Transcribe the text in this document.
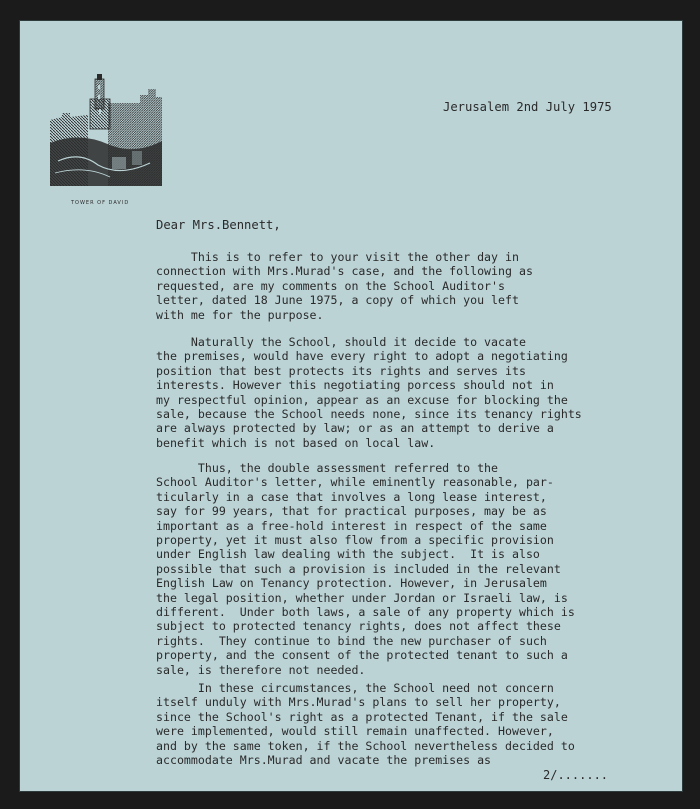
TOWER OF DAVID
Jerusalem 2nd July 1975
Dear Mrs.Bennett,

This is to refer to your visit the other day in
connection with Mrs.Murad's case, and the following as
requested, are my comments on the School Auditor's
letter, dated 18 June 1975, a copy of which you left
with me for the purpose.

Naturally the School, should it decide to vacate
the premises, would have every right to adopt a negotiating
position that best protects its rights and serves its
interests. However this negotiating porcess should not in
my respectful opinion, appear as an excuse for blocking the
sale, because the School needs none, since its tenancy rights
are always protected by law; or as an attempt to derive a
benefit which is not based on local law.

Thus, the double assessment referred to the
School Auditor's letter, while eminently reasonable, par-
ticularly in a case that involves a long lease interest,
say for 99 years, that for practical purposes, may be as
important as a free-hold interest in respect of the same
property, yet it must also flow from a specific provision
under English law dealing with the subject.  It is also
possible that such a provision is included in the relevant
English Law on Tenancy protection. However, in Jerusalem
the legal position, whether under Jordan or Israeli law, is
different.  Under both laws, a sale of any property which is
subject to protected tenancy rights, does not affect these
rights.  They continue to bind the new purchaser of such
property, and the consent of the protected tenant to such a
sale, is therefore not needed.

In these circumstances, the School need not concern
itself unduly with Mrs.Murad's plans to sell her property,
since the School's right as a protected Tenant, if the sale
were implemented, would still remain unaffected. However,
and by the same token, if the School nevertheless decided to
accommodate Mrs.Murad and vacate the premises as

2/.......
